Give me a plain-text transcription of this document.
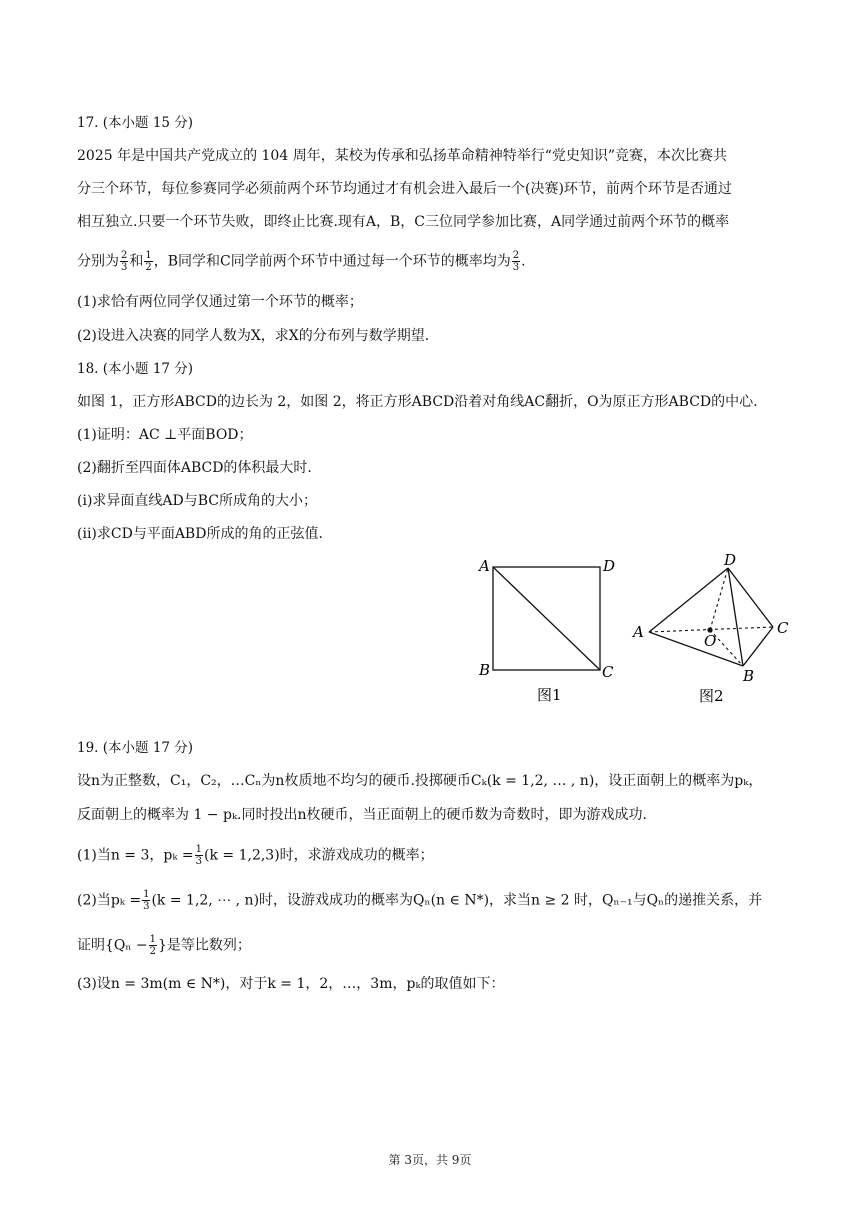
17. (本小题 15 分)
2025 年是中国共产党成立的 104 周年，某校为传承和弘扬革命精神特举行“党史知识”竞赛，本次比赛共
分三个环节，每位参赛同学必须前两个环节均通过才有机会进入最后一个(决赛)环节，前两个环节是否通过
相互独立.只要一个环节失败，即终止比赛.现有A，B，C三位同学参加比赛，A同学通过前两个环节的概率
分别为 $\frac{2}{3}$ 和 $\frac{1}{2}$ ，B同学和C同学前两个环节中通过每一个环节的概率均为 $\frac{2}{3}$ .
(1)求恰有两位同学仅通过第一个环节的概率；
(2)设进入决赛的同学人数为X，求X的分布列与数学期望.
18. (本小题 17 分)
如图 1，正方形ABCD的边长为 2，如图 2，将正方形ABCD沿着对角线AC翻折，O为原正方形ABCD的中心.
(1)证明：AC ⊥平面BOD；
(2)翻折至四面体ABCD的体积最大时.
(i)求异面直线AD与BC所成角的大小；
(ii)求CD与平面ABD所成的角的正弦值.
A	D
B	C
图1
A
D
C
B
O
图2
19. (本小题 17 分)
设n为正整数，C₁，C₂，…Cₙ为n枚质地不均匀的硬币.投掷硬币Cₖ(k = 1,2, … , n)，设正面朝上的概率为pₖ，
反面朝上的概率为 1 − pₖ.同时投出n枚硬币，当正面朝上的硬币数为奇数时，即为游戏成功.
(1)当n = 3，$p_k = \frac{1}{3} (k = 1,2,3)$时，求游戏成功的概率；
(2)当$p_k = \frac{1}{3} (k = 1,2$, ⋯ , n)时，设游戏成功的概率为Qₙ(n ∈ N*)，求当n ≥ 2 时，Qₙ₋₁与Qₙ的递推关系，并
证明{$Q_n - \frac{1}{2}$ }是等比数列；
(3)设n = 3m(m ∈ N*)，对于k = 1，2，…，3m，pₖ的取值如下：
第 3页，共 9页
